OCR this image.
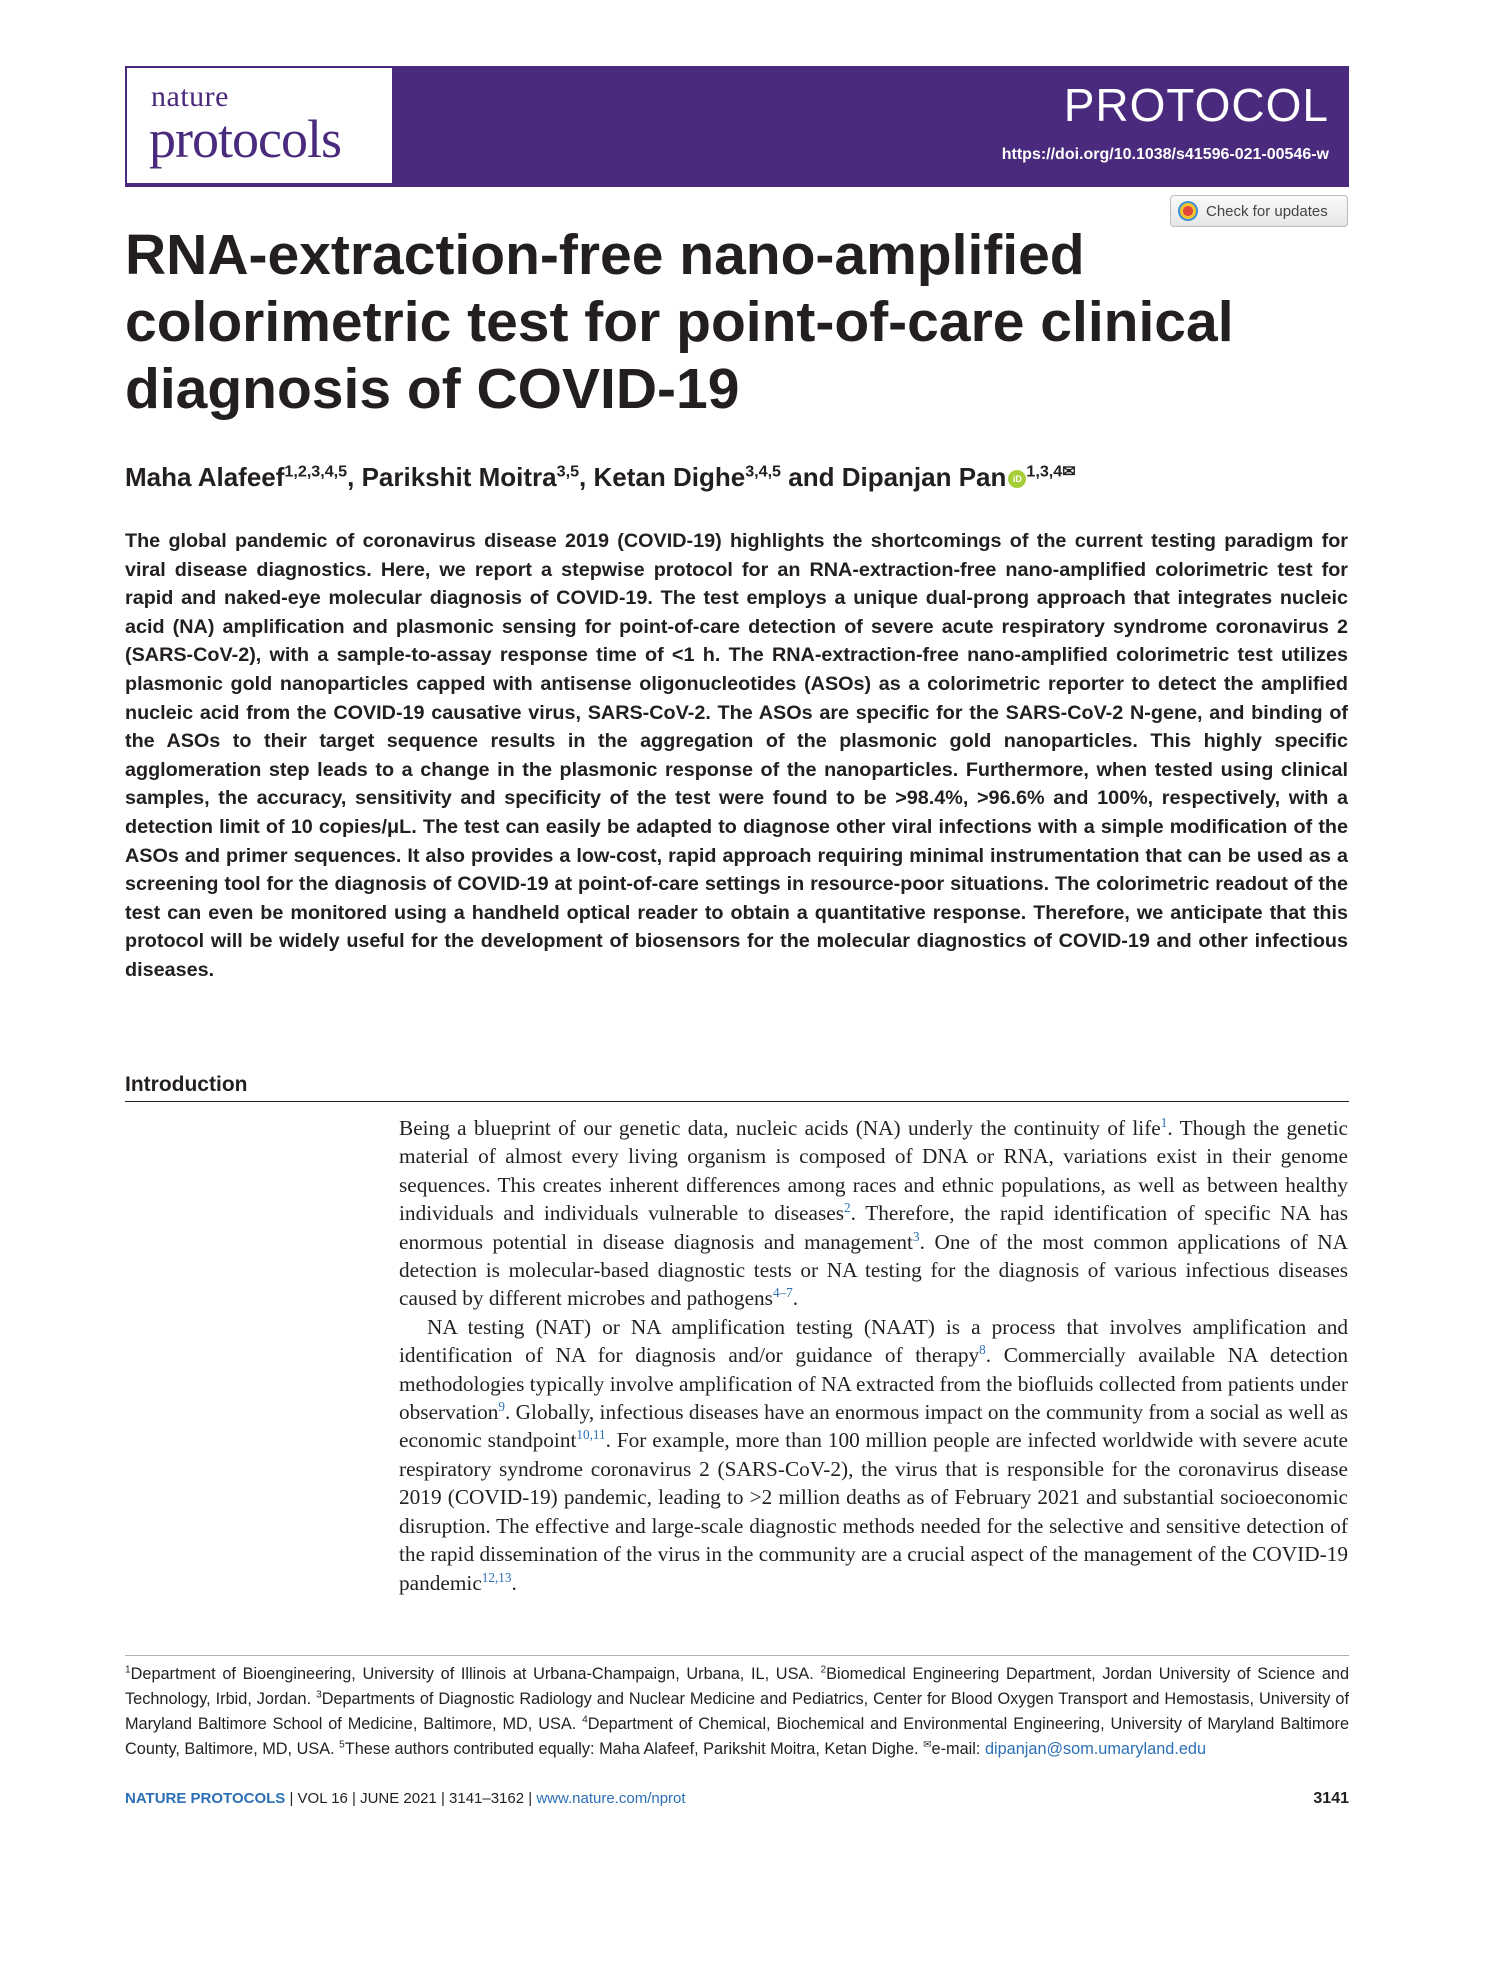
nature
protocols
PROTOCOL
https://doi.org/10.1038/s41596-021-00546-w
Check for updates
RNA-extraction-free nano-amplified colorimetric test for point-of-care clinical diagnosis of COVID-19
Maha Alafeef$^{1,2,3,4,5}$, Parikshit Moitra$^{3,5}$, Ketan Dighe$^{3,4,5}$ and Dipanjan Pan iD $^{1,3,4✉}$

The global pandemic of coronavirus disease 2019 (COVID-19) highlights the shortcomings of the current testing paradigm for viral disease diagnostics. Here, we report a stepwise protocol for an RNA-extraction-free nano-amplified colorimetric test for rapid and naked-eye molecular diagnosis of COVID-19. The test employs a unique dual-prong approach that integrates nucleic acid (NA) amplification and plasmonic sensing for point-of-care detection of severe acute respiratory syndrome coronavirus 2 (SARS-CoV-2), with a sample-to-assay response time of <1 h. The RNA-extraction-free nano-amplified colorimetric test utilizes plasmonic gold nanoparticles capped with antisense oligonucleotides (ASOs) as a colorimetric reporter to detect the amplified nucleic acid from the COVID-19 causative virus, SARS-CoV-2. The ASOs are specific for the SARS-CoV-2 N-gene, and binding of the ASOs to their target sequence results in the aggregation of the plasmonic gold nanoparticles. This highly specific agglomeration step leads to a change in the plasmonic response of the nanoparticles. Furthermore, when tested using clinical samples, the accuracy, sensitivity and specificity of the test were found to be >98.4%, >96.6% and 100%, respectively, with a detection limit of 10 copies/μL. The test can easily be adapted to diagnose other viral infections with a simple modification of the ASOs and primer sequences. It also provides a low-cost, rapid approach requiring minimal instrumentation that can be used as a screening tool for the diagnosis of COVID-19 at point-of-care settings in resource-poor situations. The colorimetric readout of the test can even be monitored using a handheld optical reader to obtain a quantitative response. Therefore, we anticipate that this protocol will be widely useful for the development of biosensors for the molecular diagnostics of COVID-19 and other infectious diseases.

Introduction

Being a blueprint of our genetic data, nucleic acids (NA) underly the continuity of life$^1$. Though the genetic material of almost every living organism is composed of DNA or RNA, variations exist in their genome sequences. This creates inherent differences among races and ethnic populations, as well as between healthy individuals and individuals vulnerable to diseases$^2$. Therefore, the rapid identification of specific NA has enormous potential in disease diagnosis and management$^3$. One of the most common applications of NA detection is molecular-based diagnostic tests or NA testing for the diagnosis of various infectious diseases caused by different microbes and pathogens$^{4-7}$.

NA testing (NAT) or NA amplification testing (NAAT) is a process that involves amplification and identification of NA for diagnosis and/or guidance of therapy$^8$. Commercially available NA detection methodologies typically involve amplification of NA extracted from the biofluids collected from patients under observation$^9$. Globally, infectious diseases have an enormous impact on the community from a social as well as economic standpoint$^{10,11}$. For example, more than 100 million people are infected worldwide with severe acute respiratory syndrome coronavirus 2 (SARS-CoV-2), the virus that is responsible for the coronavirus disease 2019 (COVID-19) pandemic, leading to >2 million deaths as of February 2021 and substantial socioeconomic disruption. The effective and large-scale diagnostic methods needed for the selective and sensitive detection of the rapid dissemination of the virus in the community are a crucial aspect of the management of the COVID-19 pandemic$^{12,13}$.

$^1$Department of Bioengineering, University of Illinois at Urbana-Champaign, Urbana, IL, USA. $^2$Biomedical Engineering Department, Jordan University of Science and Technology, Irbid, Jordan. $^3$Departments of Diagnostic Radiology and Nuclear Medicine and Pediatrics, Center for Blood Oxygen Transport and Hemostasis, University of Maryland Baltimore School of Medicine, Baltimore, MD, USA. $^4$Department of Chemical, Biochemical and Environmental Engineering, University of Maryland Baltimore County, Baltimore, MD, USA. $^5$These authors contributed equally: Maha Alafeef, Parikshit Moitra, Ketan Dighe. ✉e-mail: dipanjan@som.umaryland.edu

NATURE PROTOCOLS | VOL 16 | JUNE 2021 | 3141–3162 | www.nature.com/nprot	3141
